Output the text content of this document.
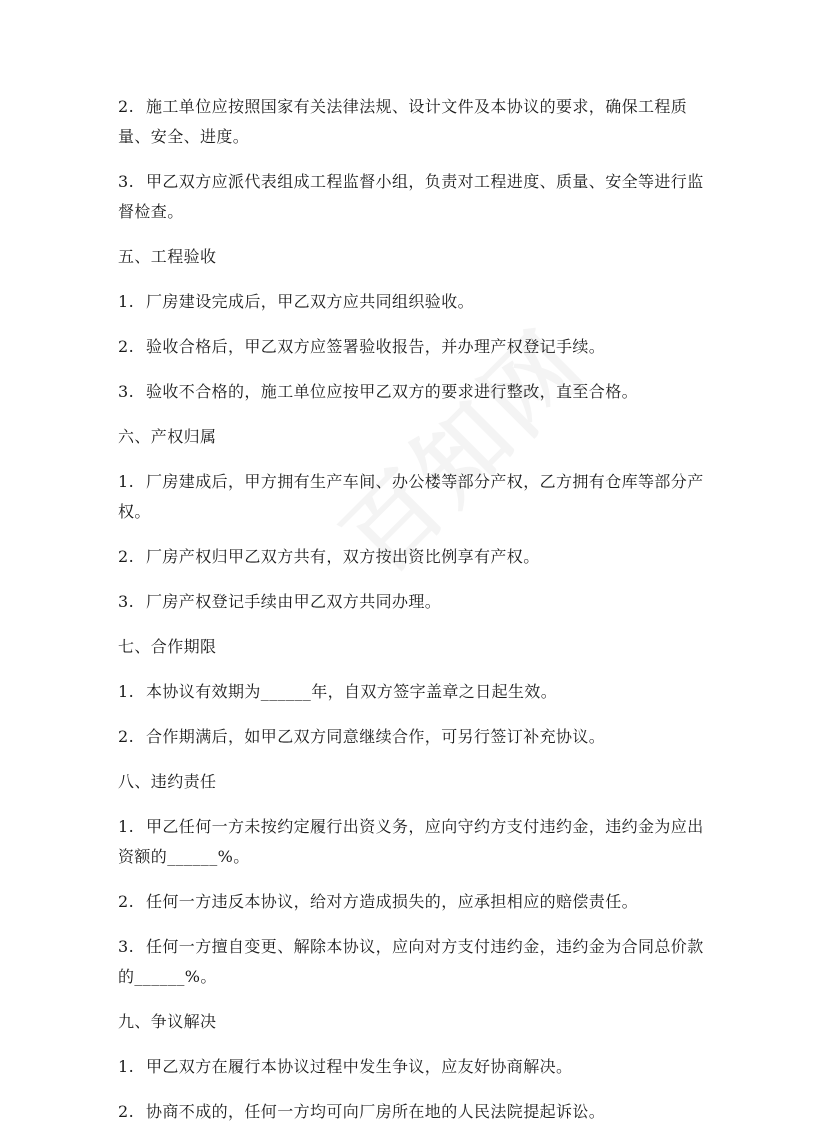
2. 施工单位应按照国家有关法律法规、设计文件及本协议的要求，确保工程质量、安全、进度。

3. 甲乙双方应派代表组成工程监督小组，负责对工程进度、质量、安全等进行监督检查。

五、工程验收

1. 厂房建设完成后，甲乙双方应共同组织验收。

2. 验收合格后，甲乙双方应签署验收报告，并办理产权登记手续。

3. 验收不合格的，施工单位应按甲乙双方的要求进行整改，直至合格。

六、产权归属

1. 厂房建成后，甲方拥有生产车间、办公楼等部分产权，乙方拥有仓库等部分产权。

2. 厂房产权归甲乙双方共有，双方按出资比例享有产权。

3. 厂房产权登记手续由甲乙双方共同办理。

七、合作期限

1. 本协议有效期为______年，自双方签字盖章之日起生效。

2. 合作期满后，如甲乙双方同意继续合作，可另行签订补充协议。

八、违约责任

1. 甲乙任何一方未按约定履行出资义务，应向守约方支付违约金，违约金为应出资额的______%。

2. 任何一方违反本协议，给对方造成损失的，应承担相应的赔偿责任。

3. 任何一方擅自变更、解除本协议，应向对方支付违约金，违约金为合同总价款的______%。

九、争议解决

1. 甲乙双方在履行本协议过程中发生争议，应友好协商解决。

2. 协商不成的，任何一方均可向厂房所在地的人民法院提起诉讼。
